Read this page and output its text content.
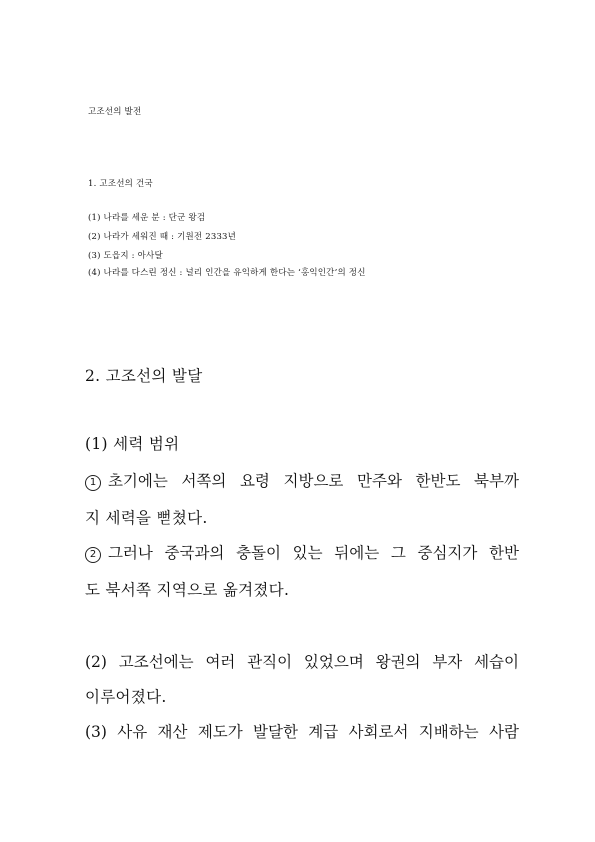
고조선의 발전
1. 고조선의 건국
(1) 나라를 세운 분 : 단군 왕검
(2) 나라가 세워진 때 : 기원전 2333년
(3) 도읍지 : 아사달
(4) 나라를 다스린 정신 : 널리 인간을 유익하게 한다는 ‘홍익인간’의 정신
2. 고조선의 발달
(1) 세력 범위
1 초기에는 서쪽의 요령 지방으로 만주와 한반도 북부까
지 세력을 뻗쳤다.
2 그러나 중국과의 충돌이 있는 뒤에는 그 중심지가 한반
도 북서쪽 지역으로 옮겨졌다.
(2) 고조선에는 여러 관직이 있었으며 왕권의 부자 세습이
이루어졌다.
(3) 사유 재산 제도가 발달한 계급 사회로서 지배하는 사람
